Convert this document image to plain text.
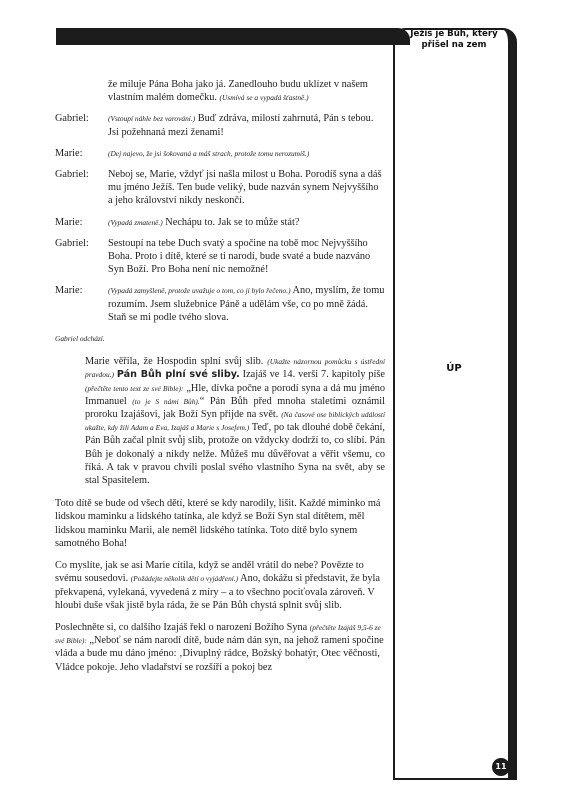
Ježíš je Bůh, který přišel na zem
ÚP
že miluje Pána Boha jako já. Zanedlouho budu uklízet v našem vlastním malém domečku. (Usmívá se a vypadá šťastně.)
Gabriel:	(Vstoupí náhle bez varování.) Buď zdráva, milostí zahrnutá, Pán s tebou. Jsi požehnaná mezi ženami!
Marie:	(Dej najevo, že jsi šokovaná a máš strach, protože tomu nerozumíš.)
Gabriel:	Neboj se, Marie, vždyť jsi našla milost u Boha. Porodíš syna a dáš mu jméno Ježíš. Ten bude veliký, bude nazván synem Nejvyššího a jeho království nikdy neskončí.
Marie:	(Vypadá zmateně.) Nechápu to. Jak se to může stát?
Gabriel:	Sestoupí na tebe Duch svatý a spočine na tobě moc Nejvyššího Boha. Proto i dítě, které se ti narodí, bude svaté a bude nazváno Syn Boží. Pro Boha není nic nemožné!
Marie:	(Vypadá zamyšleně, protože uvažuje o tom, co jí bylo řečeno.) Ano, myslím, že tomu rozumím. Jsem služebnice Páně a udělám vše, co po mně žádá. Staň se mi podle tvého slova.
Gabriel odchází.
Marie věřila, že Hospodin splní svůj slib. (Ukažte názornou pomůcku s ústřední pravdou.) Pán Bůh plní své sliby. Izajáš ve 14. verši 7. kapitoly píše (přečtěte tento text ze své Bible): „Hle, dívka počne a porodí syna a dá mu jméno Immanuel (to je S námi Bůh).“ Pán Bůh před mnoha staletími oznámil proroku Izajášovi, jak Boží Syn přijde na svět. (Na časové ose biblických událostí ukažte, kdy žili Adam a Eva, Izajáš a Marie s Josefem.) Teď, po tak dlouhé době čekání, Pán Bůh začal plnit svůj slib, protože on vždycky dodrží to, co slíbí. Pán Bůh je dokonalý a nikdy nelže. Můžeš mu důvěřovat a věřit všemu, co říká. A tak v pravou chvíli poslal svého vlastního Syna na svět, aby se stal Spasitelem.
Toto dítě se bude od všech dětí, které se kdy narodily, lišit. Každé miminko má lidskou maminku a lidského tatínka, ale když se Boží Syn stal dítětem, měl lidskou maminku Marii, ale neměl lidského tatínka. Toto dítě bylo synem samotného Boha!
Co myslíte, jak se asi Marie cítila, když se anděl vrátil do nebe? Povězte to svému sousedovi. (Požádejte několik dětí o vyjádření.) Ano, dokážu si představit, že byla překvapená, vylekaná, vyvedená z míry – a to všechno pociťovala zároveň. V hloubi duše však jistě byla ráda, že se Pán Bůh chystá splnit svůj slib.
Poslechněte si, co dalšího Izajáš řekl o narození Božího Syna (přečtěte Izajáš 9,5-6 ze své Bible): „Neboť se nám narodí dítě, bude nám dán syn, na jehož rameni spočine vláda a bude mu dáno jméno: ‚Divuplný rádce, Božský bohatýr, Otec věčnosti, Vládce pokoje. Jeho vladařství se rozšíří a pokoj bez
11
